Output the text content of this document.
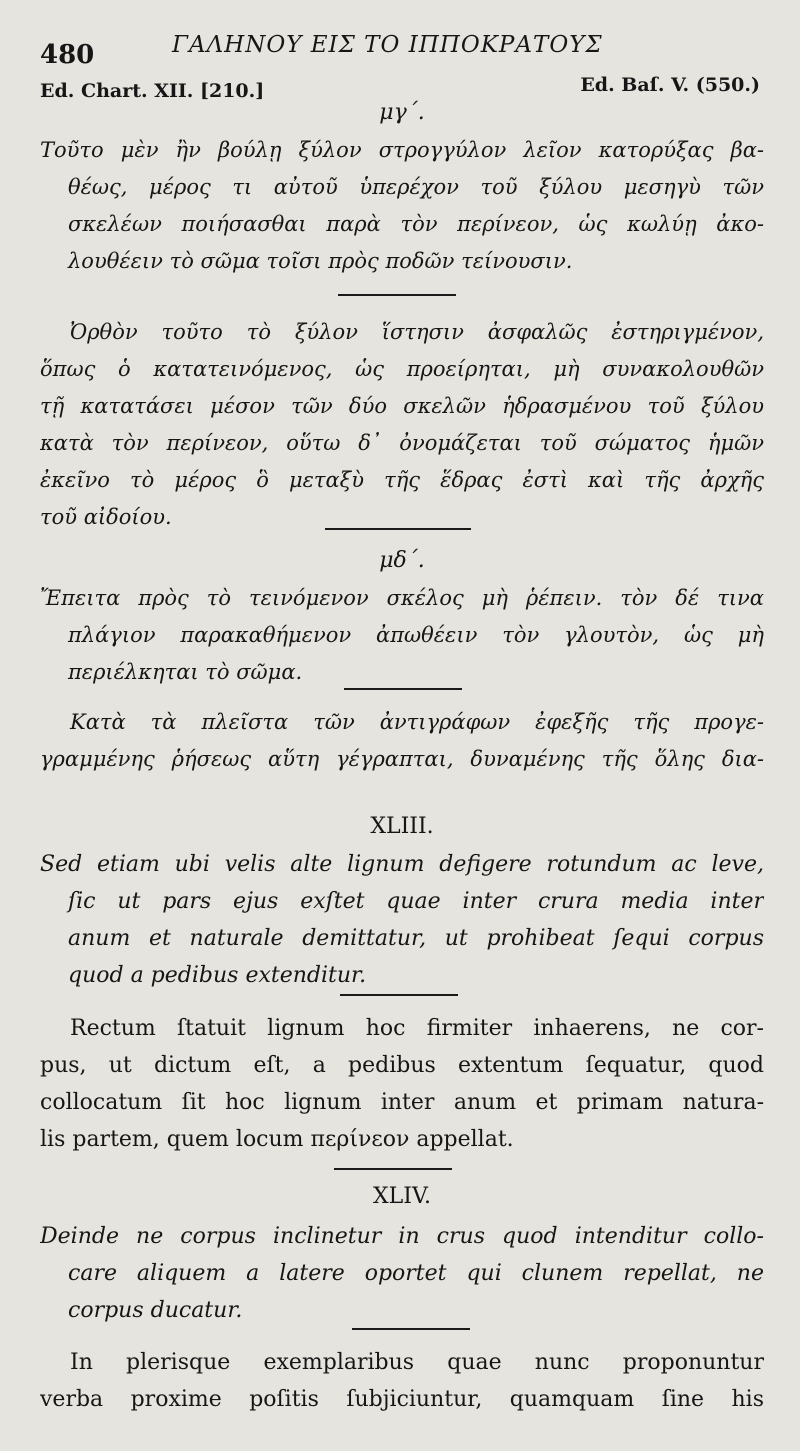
480	ΓΑΛΗΝΟΥ ΕΙΣ ΤΟ ΙΠΠΟΚΡΑΤΟΥΣ
Ed. Chart. XII. [210.]	Ed. Baſ. V. (550.)
μγ΄.
Τοῦτο μὲν ἢν βούλῃ ξύλον στρογγύλον λεῖον κατορύξας βα-
θέως, μέρος τι αὐτοῦ ὑπερέχον τοῦ ξύλου μεσηγὺ τῶν
σκελέων ποιήσασθαι παρὰ τὸν περίνεον, ὡς κωλύῃ ἀκο-
λουθέειν τὸ σῶμα τοῖσι πρὸς ποδῶν τείνουσιν.
Ὀρθὸν τοῦτο τὸ ξύλον ἵστησιν ἀσφαλῶς ἐστηριγμένον,
ὅπως ὁ κατατεινόμενος, ὡς προείρηται, μὴ συνακολουθῶν
τῇ κατατάσει μέσον τῶν δύο σκελῶν ἡδρασμένου τοῦ ξύλου
κατὰ τὸν περίνεον, οὕτω δ᾽ ὀνομάζεται τοῦ σώματος ἡμῶν
ἐκεῖνο τὸ μέρος ὃ μεταξὺ τῆς ἕδρας ἐστὶ καὶ τῆς ἀρχῆς
τοῦ αἰδοίου.
μδ΄.
Ἔπειτα πρὸς τὸ τεινόμενον σκέλος μὴ ῥέπειν. τὸν δέ τινα
πλάγιον παρακαθήμενον ἀπωθέειν τὸν γλουτὸν, ὡς μὴ
περιέλκηται τὸ σῶμα.
Κατὰ τὰ πλεῖστα τῶν ἀντιγράφων ἐφεξῆς τῆς προγε-
γραμμένης ῥήσεως αὕτη γέγραπται, δυναμένης τῆς ὅλης δια-
XLIII.
Sed etiam ubi velis alte lignum defigere rotundum ac leve,
ſic ut pars ejus exſtet quae inter crura media inter
anum et naturale demittatur, ut prohibeat ſequi corpus
quod a pedibus extenditur.
Rectum ſtatuit lignum hoc firmiter inhaerens, ne cor-
pus, ut dictum eſt, a pedibus extentum ſequatur, quod
collocatum ſit hoc lignum inter anum et primam natura-
lis partem, quem locum περίνεον appellat.
XLIV.
Deinde ne corpus inclinetur in crus quod intenditur collo-
care aliquem a latere oportet qui clunem repellat, ne
corpus ducatur.
In plerisque exemplaribus quae nunc proponuntur
verba proxime poſitis ſubjiciuntur, quamquam ſine his
